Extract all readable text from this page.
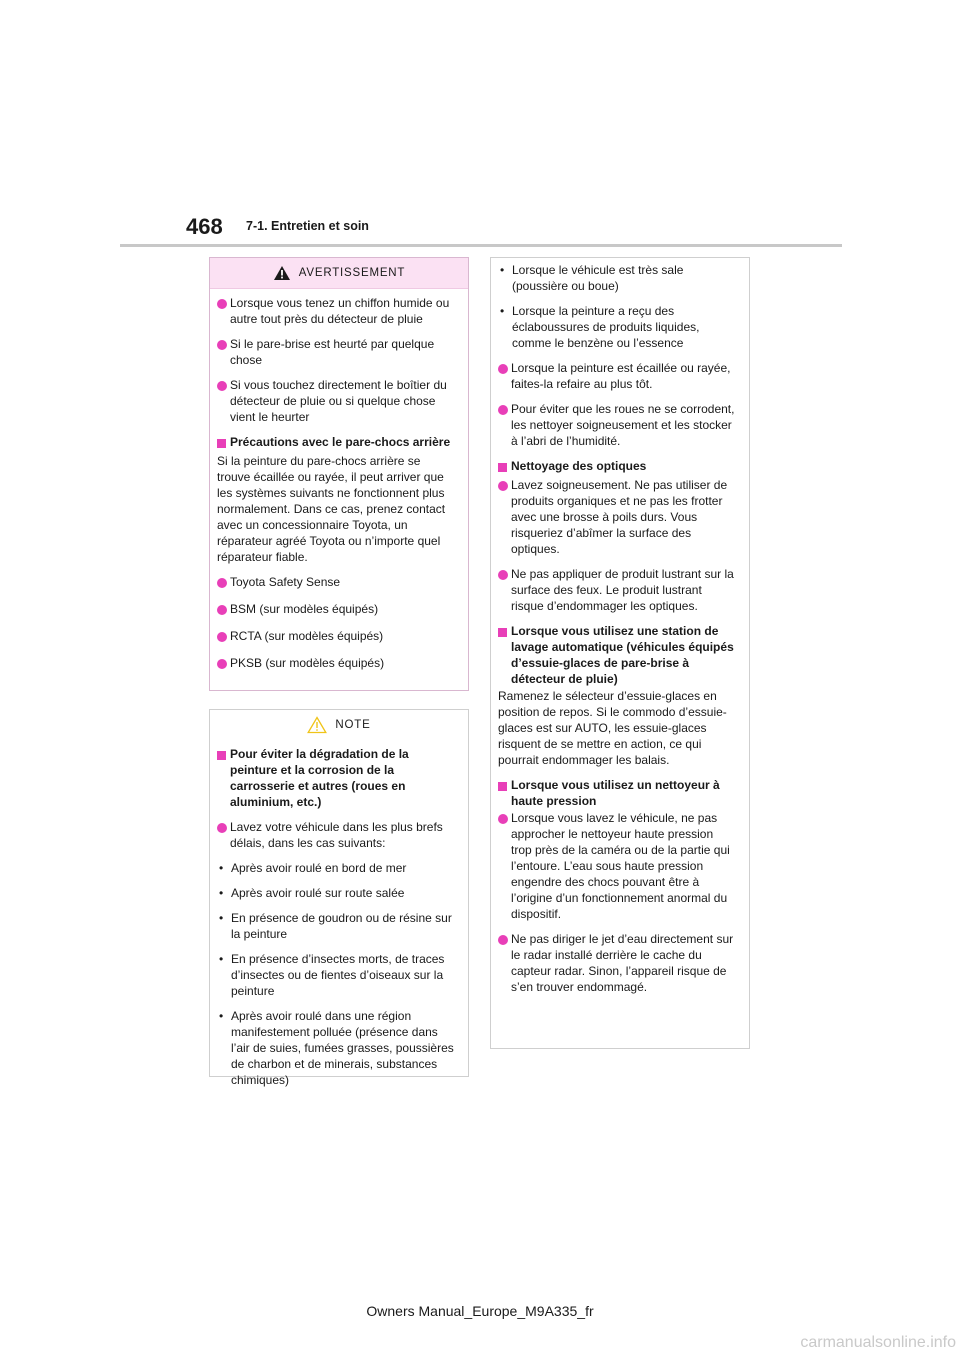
468 7-1. Entretien et soin
AVERTISSEMENT
Lorsque vous tenez un chiffon humide ou autre tout près du détecteur de pluie
Si le pare-brise est heurté par quelque chose
Si vous touchez directement le boîtier du détecteur de pluie ou si quelque chose vient le heurter
Précautions avec le pare-chocs arrière

Si la peinture du pare-chocs arrière se trouve écaillée ou rayée, il peut arriver que les systèmes suivants ne fonctionnent plus normalement. Dans ce cas, prenez contact avec un concessionnaire Toyota, un réparateur agréé Toyota ou n’importe quel réparateur fiable.

Toyota Safety Sense
BSM (sur modèles équipés)
RCTA (sur modèles équipés)
PKSB (sur modèles équipés)
NOTE
Pour éviter la dégradation de la peinture et la corrosion de la carrosserie et autres (roues en aluminium, etc.)
Lavez votre véhicule dans les plus brefs délais, dans les cas suivants:
• Après avoir roulé en bord de mer
• Après avoir roulé sur route salée
• En présence de goudron ou de résine sur la peinture
• En présence d’insectes morts, de traces d’insectes ou de fientes d’oiseaux sur la peinture
• Après avoir roulé dans une région manifestement polluée (présence dans l’air de suies, fumées grasses, poussières de charbon et de minerais, substances chimiques)
• Lorsque le véhicule est très sale (poussière ou boue)
• Lorsque la peinture a reçu des éclaboussures de produits liquides, comme le benzène ou l’essence
Lorsque la peinture est écaillée ou rayée, faites-la refaire au plus tôt.
Pour éviter que les roues ne se corrodent, les nettoyer soigneusement et les stocker à l’abri de l’humidité.
Nettoyage des optiques
Lavez soigneusement. Ne pas utiliser de produits organiques et ne pas les frotter avec une brosse à poils durs. Vous risqueriez d’abîmer la surface des optiques.
Ne pas appliquer de produit lustrant sur la surface des feux. Le produit lustrant risque d’endommager les optiques.
Lorsque vous utilisez une station de lavage automatique (véhicules équipés d’essuie-glaces de pare-brise à détecteur de pluie)

Ramenez le sélecteur d’essuie-glaces en position de repos. Si le commodo d’essuie-glaces est sur AUTO, les essuie-glaces risquent de se mettre en action, ce qui pourrait endommager les balais.

Lorsque vous utilisez un nettoyeur à haute pression
Lorsque vous lavez le véhicule, ne pas approcher le nettoyeur haute pression trop près de la caméra ou de la partie qui l’entoure. L’eau sous haute pression engendre des chocs pouvant être à l’origine d’un fonctionnement anormal du dispositif.
Ne pas diriger le jet d’eau directement sur le radar installé derrière le cache du capteur radar. Sinon, l’appareil risque de s’en trouver endommagé.
Owners Manual_Europe_M9A335_fr
carmanualsonline.info
